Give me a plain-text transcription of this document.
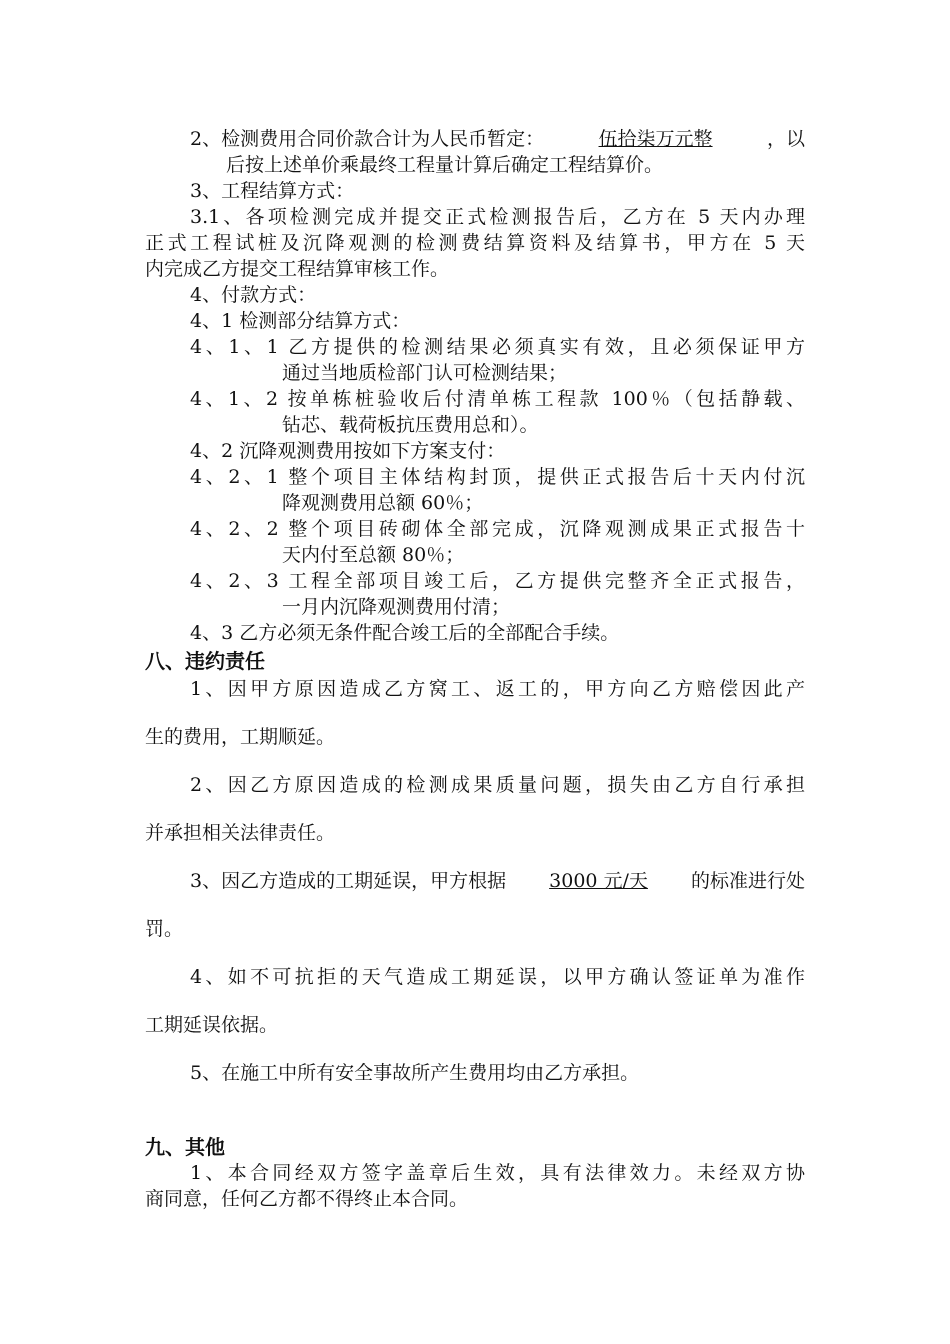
2、检测费用合同价款合计为人民币暂定：	伍拾柒万元整	，以
后按上述单价乘最终工程量计算后确定工程结算价。
3、工程结算方式：
3.1、各项检测完成并提交正式检测报告后，乙方在 5 天内办理
正式工程试桩及沉降观测的检测费结算资料及结算书，甲方在 5 天
内完成乙方提交工程结算审核工作。
4、付款方式：
4、1 检测部分结算方式：
4、1、1 乙方提供的检测结果必须真实有效，且必须保证甲方
通过当地质检部门认可检测结果；
4、1、2 按单栋桩验收后付清单栋工程款 100％（包括静载、
钻芯、载荷板抗压费用总和）。
4、2 沉降观测费用按如下方案支付：
4、2、1 整个项目主体结构封顶，提供正式报告后十天内付沉
降观测费用总额 60％；
4、2、2 整个项目砖砌体全部完成，沉降观测成果正式报告十
天内付至总额 80％；
4、2、3 工程全部项目竣工后，乙方提供完整齐全正式报告，
一月内沉降观测费用付清；
4、3 乙方必须无条件配合竣工后的全部配合手续。
八、违约责任
1、因甲方原因造成乙方窝工、返工的，甲方向乙方赔偿因此产
生的费用，工期顺延。
2、因乙方原因造成的检测成果质量问题，损失由乙方自行承担
并承担相关法律责任。
3、因乙方造成的工期延误，甲方根据 3000 元/天 的标准进行处
罚。
4、如不可抗拒的天气造成工期延误，以甲方确认签证单为准作
工期延误依据。
5、在施工中所有安全事故所产生费用均由乙方承担。
九、其他
1、本合同经双方签字盖章后生效，具有法律效力。未经双方协
商同意，任何乙方都不得终止本合同。
